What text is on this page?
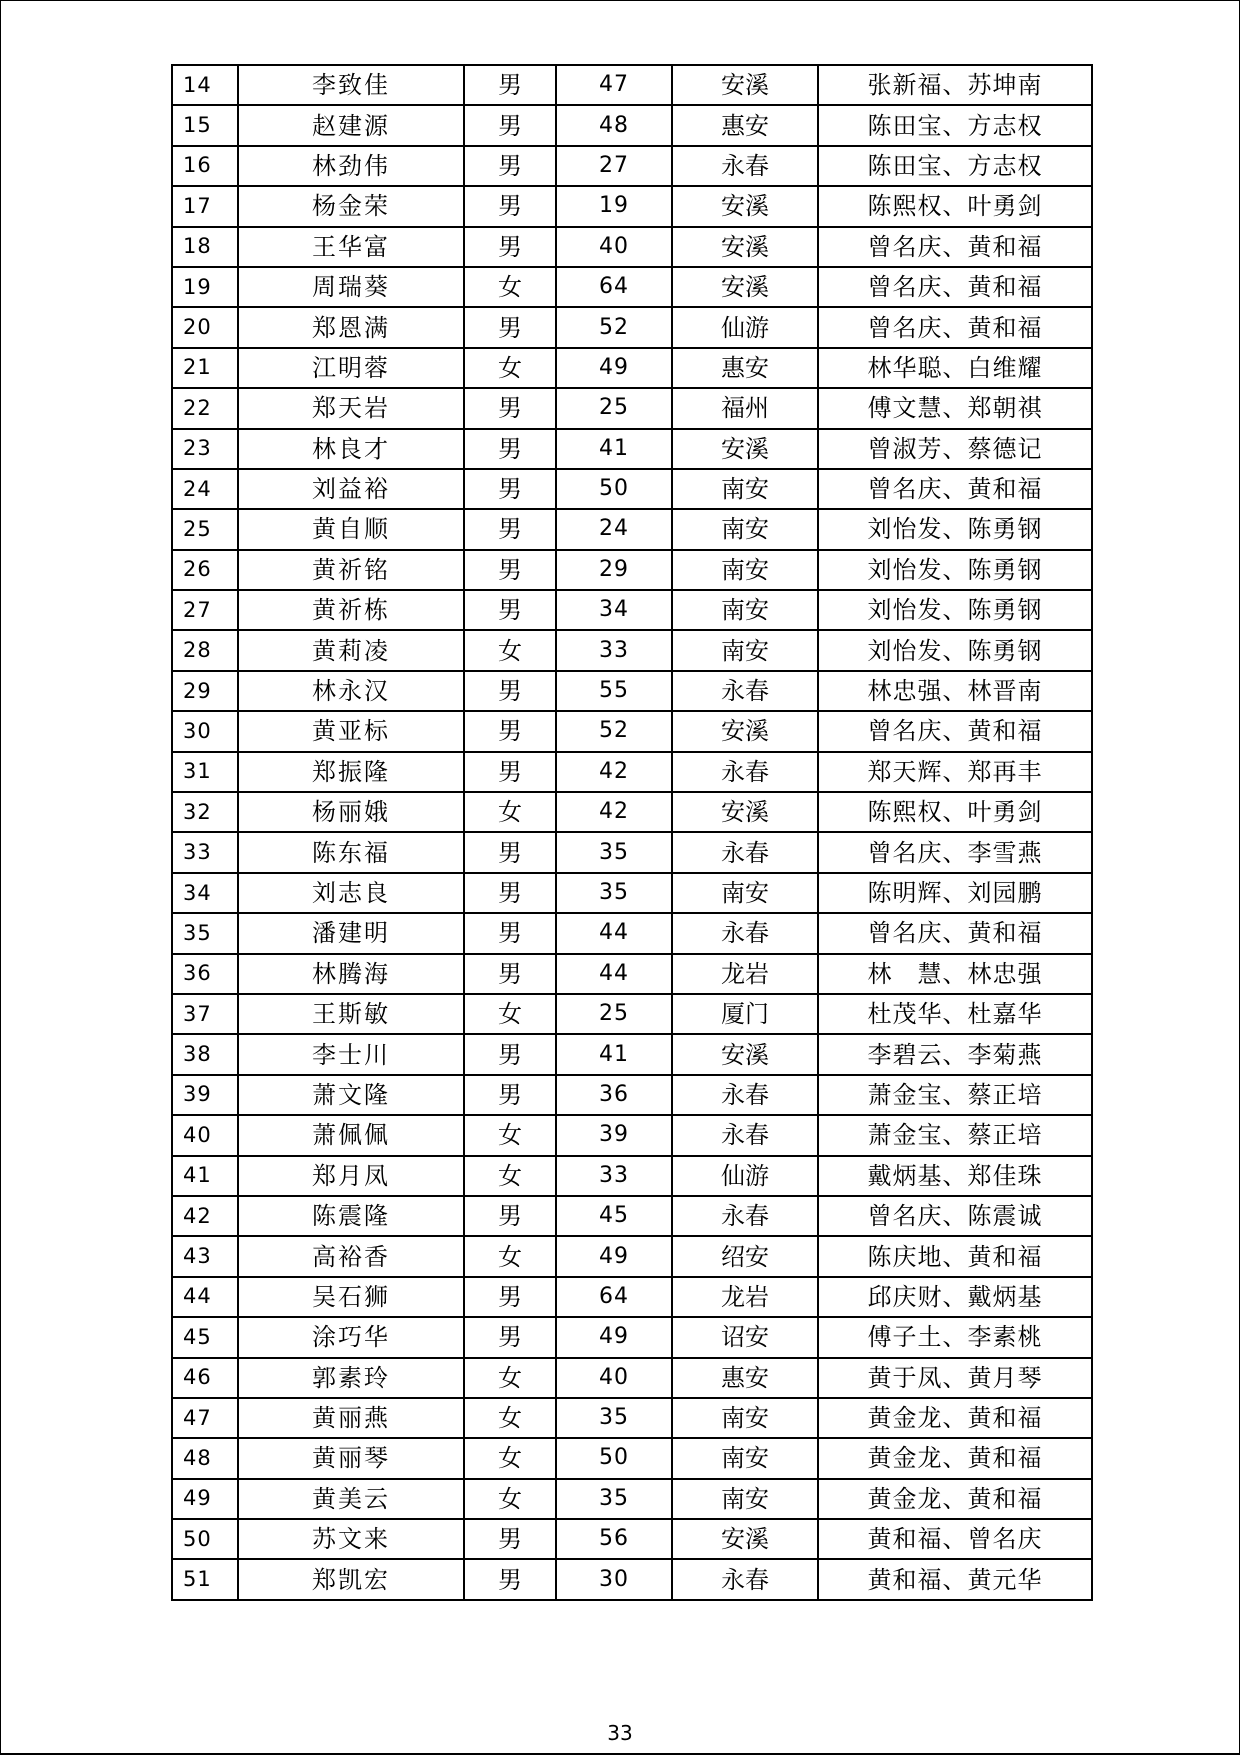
14	李致佳	男	47	安溪	张新福、苏坤南
15	赵建源	男	48	惠安	陈田宝、方志权
16	林劲伟	男	27	永春	陈田宝、方志权
17	杨金荣	男	19	安溪	陈熙权、叶勇剑
18	王华富	男	40	安溪	曾名庆、黄和福
19	周瑞葵	女	64	安溪	曾名庆、黄和福
20	郑恩满	男	52	仙游	曾名庆、黄和福
21	江明蓉	女	49	惠安	林华聪、白维耀
22	郑天岩	男	25	福州	傅文慧、郑朝祺
23	林良才	男	41	安溪	曾淑芳、蔡德记
24	刘益裕	男	50	南安	曾名庆、黄和福
25	黄自顺	男	24	南安	刘怡发、陈勇钢
26	黄祈铭	男	29	南安	刘怡发、陈勇钢
27	黄祈栋	男	34	南安	刘怡发、陈勇钢
28	黄莉凌	女	33	南安	刘怡发、陈勇钢
29	林永汉	男	55	永春	林忠强、林晋南
30	黄亚标	男	52	安溪	曾名庆、黄和福
31	郑振隆	男	42	永春	郑天辉、郑再丰
32	杨丽娥	女	42	安溪	陈熙权、叶勇剑
33	陈东福	男	35	永春	曾名庆、李雪燕
34	刘志良	男	35	南安	陈明辉、刘园鹏
35	潘建明	男	44	永春	曾名庆、黄和福
36	林腾海	男	44	龙岩	林　慧、林忠强
37	王斯敏	女	25	厦门	杜茂华、杜嘉华
38	李士川	男	41	安溪	李碧云、李菊燕
39	萧文隆	男	36	永春	萧金宝、蔡正培
40	萧佩佩	女	39	永春	萧金宝、蔡正培
41	郑月凤	女	33	仙游	戴炳基、郑佳珠
42	陈震隆	男	45	永春	曾名庆、陈震诚
43	高裕香	女	49	绍安	陈庆地、黄和福
44	吴石狮	男	64	龙岩	邱庆财、戴炳基
45	涂巧华	男	49	诏安	傅子土、李素桃
46	郭素玲	女	40	惠安	黄于凤、黄月琴
47	黄丽燕	女	35	南安	黄金龙、黄和福
48	黄丽琴	女	50	南安	黄金龙、黄和福
49	黄美云	女	35	南安	黄金龙、黄和福
50	苏文来	男	56	安溪	黄和福、曾名庆
51	郑凯宏	男	30	永春	黄和福、黄元华
33
